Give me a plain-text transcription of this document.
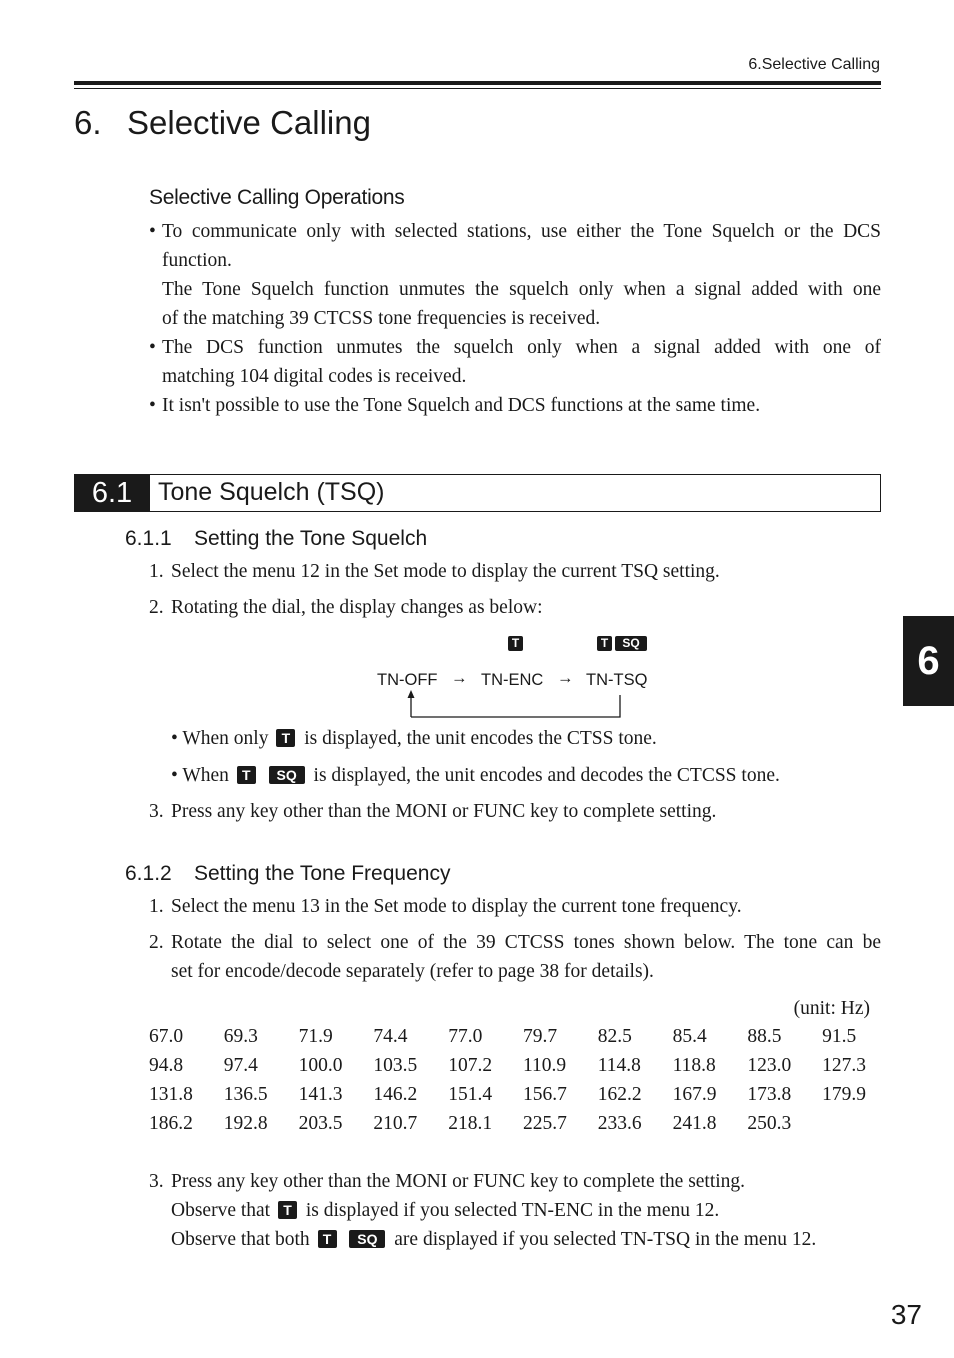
6.Selective Calling
6. Selective Calling
Selective Calling Operations
• To communicate only with selected stations, use either the Tone Squelch or the DCS
function.
The Tone Squelch function unmutes the squelch only when a signal added with one
of the matching 39 CTCSS tone frequencies is received.
• The DCS function unmutes the squelch only when a signal added with one of
matching 104 digital codes is received.
• It isn't possible to use the Tone Squelch and DCS functions at the same time.
6.1	Tone Squelch (TSQ)
6.1.1 Setting the Tone Squelch
1. Select the menu 12 in the Set mode to display the current TSQ setting.
2. Rotating the dial, the display changes as below:
T	T	SQ
TN-OFF → TN-ENC → TN-TSQ
• When only T is displayed, the unit encodes the CTSS tone.
• When T SQ is displayed, the unit encodes and decodes the CTCSS tone.
3. Press any key other than the MONI or FUNC key to complete setting.
6.1.2 Setting the Tone Frequency
1. Select the menu 13 in the Set mode to display the current tone frequency.
2. Rotate the dial to select one of the 39 CTCSS tones shown below. The tone can be
set for encode/decode separately (refer to page 38 for details).
(unit: Hz)
67.0	69.3	71.9	74.4	77.0	79.7	82.5	85.4	88.5	91.5
94.8	97.4	100.0	103.5	107.2	110.9	114.8	118.8	123.0	127.3
131.8	136.5	141.3	146.2	151.4	156.7	162.2	167.9	173.8	179.9
186.2	192.8	203.5	210.7	218.1	225.7	233.6	241.8	250.3	
3. Press any key other than the MONI or FUNC key to complete the setting.
Observe that T is displayed if you selected TN-ENC in the menu 12.
Observe that both T SQ are displayed if you selected TN-TSQ in the menu 12.
6
37
